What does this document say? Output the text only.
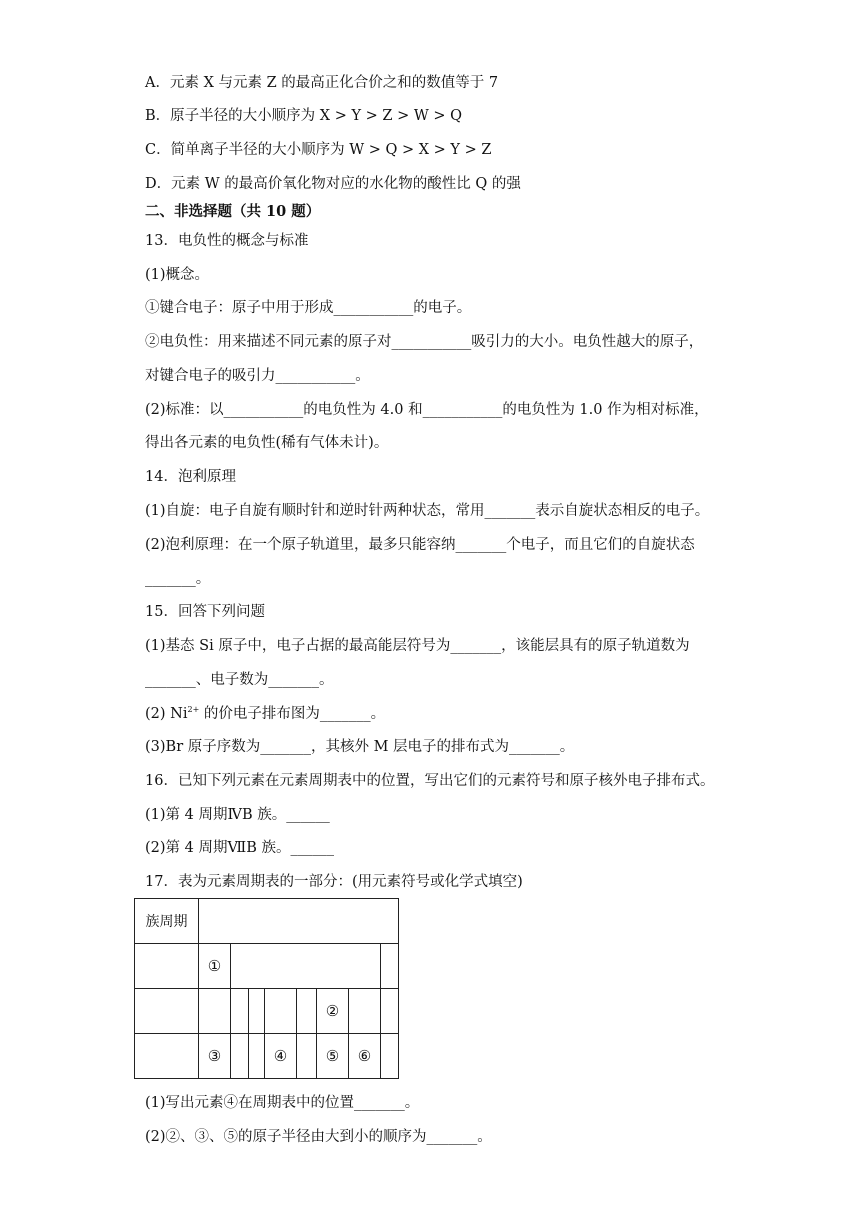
A．元素 X 与元素 Z 的最高正化合价之和的数值等于 7
B．原子半径的大小顺序为 X > Y > Z > W > Q
C．简单离子半径的大小顺序为 W > Q > X > Y > Z
D．元素 W 的最高价氧化物对应的水化物的酸性比 Q 的强
二、非选择题（共 10 题）
13．电负性的概念与标准
(1)概念。
①键合电子：原子中用于形成___________的电子。
②电负性：用来描述不同元素的原子对___________吸引力的大小。电负性越大的原子，
对键合电子的吸引力___________。
(2)标准：以___________的电负性为 4.0 和___________的电负性为 1.0 作为相对标准，
得出各元素的电负性(稀有气体未计)。
14．泡利原理
(1)自旋：电子自旋有顺时针和逆时针两种状态，常用_______表示自旋状态相反的电子。
(2)泡利原理：在一个原子轨道里，最多只能容纳_______个电子，而且它们的自旋状态
_______。
15．回答下列问题
(1)基态 Si 原子中，电子占据的最高能层符号为_______，该能层具有的原子轨道数为
_______、电子数为_______。
(2) $Ni^{2+}$ 的价电子排布图为_______。
(3)Br 原子序数为_______，其核外 M 层电子的排布式为_______。
16．已知下列元素在元素周期表中的位置，写出它们的元素符号和原子核外电子排布式。
(1)第 4 周期ⅣB 族。______
(2)第 4 周期ⅦB 族。______
17．表为元素周期表的一部分：(用元素符号或化学式填空)
族周期								
	①							
						②		
	③			④		⑤	⑥	
(1)写出元素④在周期表中的位置_______。
(2)②、③、⑤的原子半径由大到小的顺序为_______。
